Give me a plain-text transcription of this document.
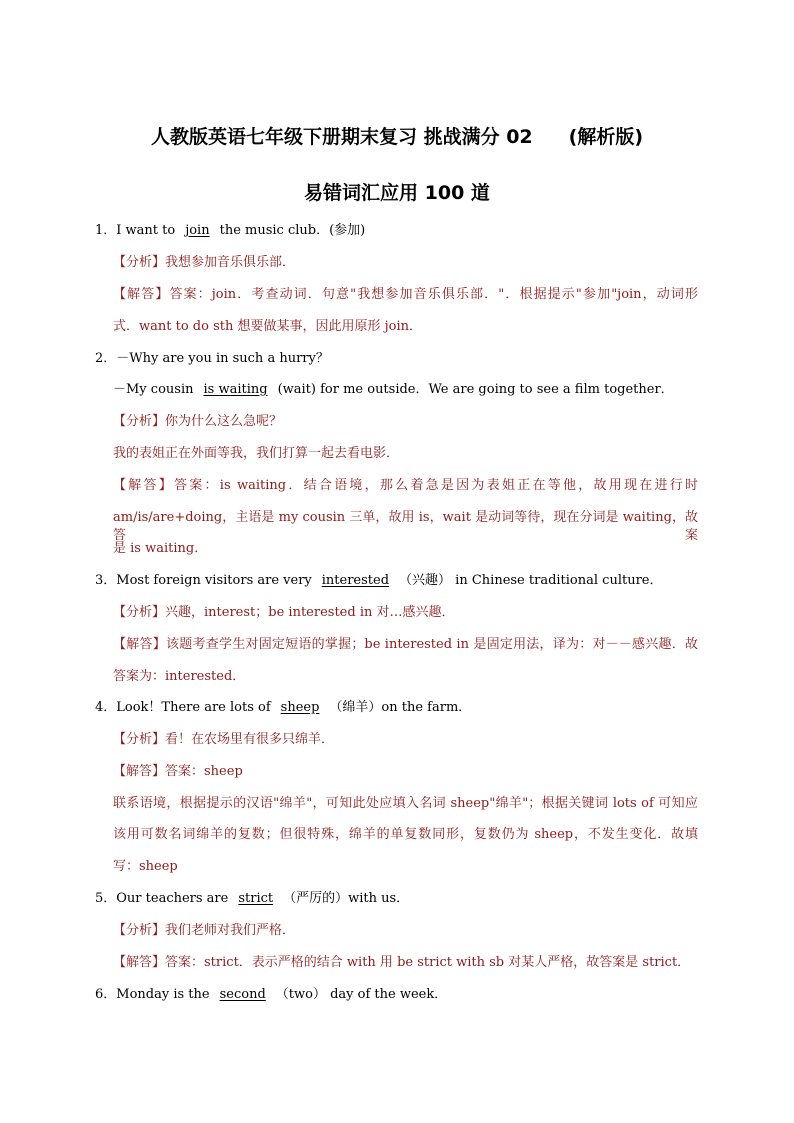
人教版英语七年级下册期末复习 挑战满分 02 (解析版)
易错词汇应用 100 道
1．I want to join the music club．(参加)
【分析】我想参加音乐俱乐部．
【解答】答案：join．考查动词．句意"我想参加音乐俱乐部．"．根据提示"参加"join，动词形
式．want to do sth 想要做某事，因此用原形 join．
2．－Why are you in such a hurry？
－My cousin is waiting (wait) for me outside．We are going to see a film together．
【分析】你为什么这么急呢？
我的表姐正在外面等我，我们打算一起去看电影．
【解答】答案：is waiting．结合语境，那么着急是因为表姐正在等他，故用现在进行时
am/is/are+doing，主语是 my cousin 三单，故用 is，wait 是动词等待，现在分词是 waiting，故答案
是 is waiting．
3．Most foreign visitors are very interested （兴趣） in Chinese traditional culture．
【分析】兴趣，interest；be interested in 对…感兴趣．
【解答】该题考查学生对固定短语的掌握；be interested in 是固定用法，译为：对－－感兴趣．故
答案为：interested．
4．Look！There are lots of sheep （绵羊）on the farm．
【分析】看！在农场里有很多只绵羊．
【解答】答案：sheep
联系语境，根据提示的汉语"绵羊"，可知此处应填入名词 sheep"绵羊"；根据关键词 lots of 可知应
该用可数名词绵羊的复数；但很特殊，绵羊的单复数同形，复数仍为 sheep，不发生变化．故填
写：sheep
5．Our teachers are strict （严厉的）with us．
【分析】我们老师对我们严格．
【解答】答案：strict．表示严格的结合 with 用 be strict with sb 对某人严格，故答案是 strict．
6．Monday is the second （two） day of the week．
